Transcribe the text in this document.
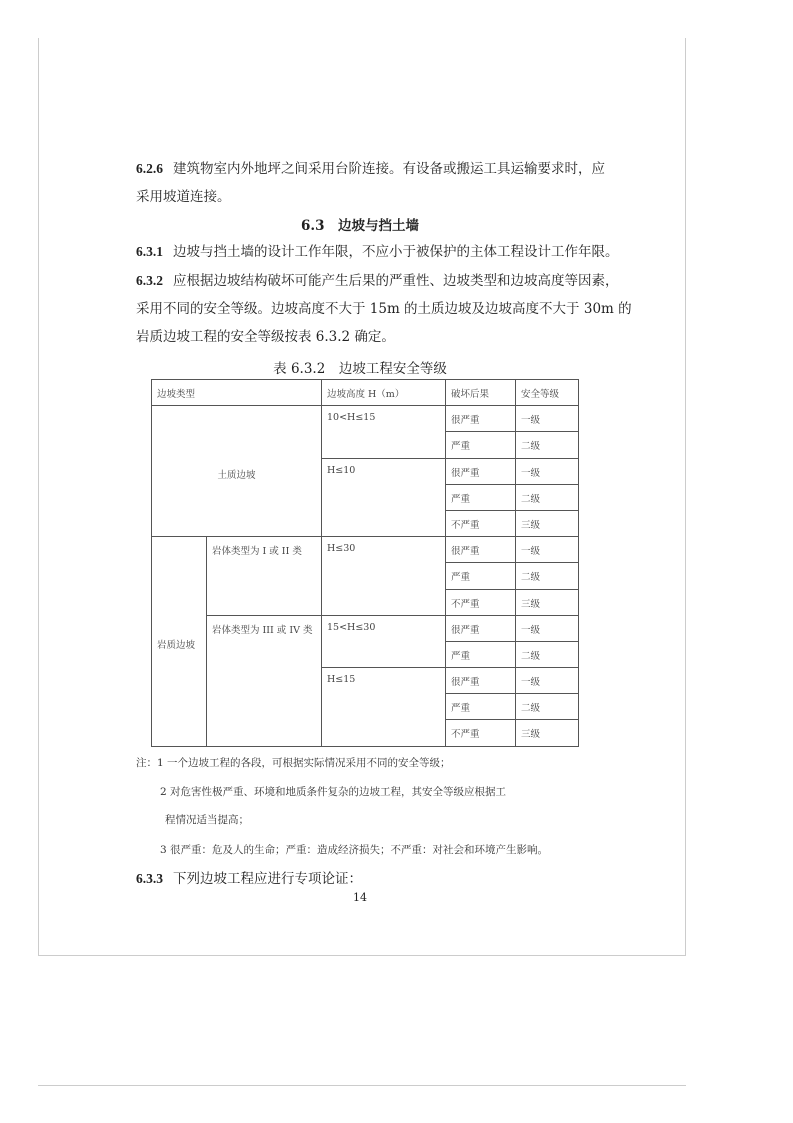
6.2.6 建筑物室内外地坪之间采用台阶连接。有设备或搬运工具运输要求时，应
采用坡道连接。
6.3　边坡与挡土墙
6.3.1 边坡与挡土墙的设计工作年限，不应小于被保护的主体工程设计工作年限。
6.3.2 应根据边坡结构破坏可能产生后果的严重性、边坡类型和边坡高度等因素，
采用不同的安全等级。边坡高度不大于 15m 的土质边坡及边坡高度不大于 30m 的
岩质边坡工程的安全等级按表 6.3.2 确定。
表 6.3.2　边坡工程安全等级
边坡类型		边坡高度 H（m）	破坏后果	安全等级
土质边坡		10<H≤15	很严重	一级
			严重	二级
		H≤10	很严重	一级
			严重	二级
			不严重	三级
岩质边坡	岩体类型为 I 或 II 类	H≤30	很严重	一级
			严重	二级
			不严重	三级
	岩体类型为 III 或 IV 类	15<H≤30	很严重	一级
			严重	二级
		H≤15	很严重	一级
			严重	二级
			不严重	三级
注：1 一个边坡工程的各段，可根据实际情况采用不同的安全等级；
2 对危害性极严重、环境和地质条件复杂的边坡工程，其安全等级应根据工
程情况适当提高；
3 很严重：危及人的生命；严重：造成经济损失；不严重：对社会和环境产生影响。
6.3.3 下列边坡工程应进行专项论证：
14
